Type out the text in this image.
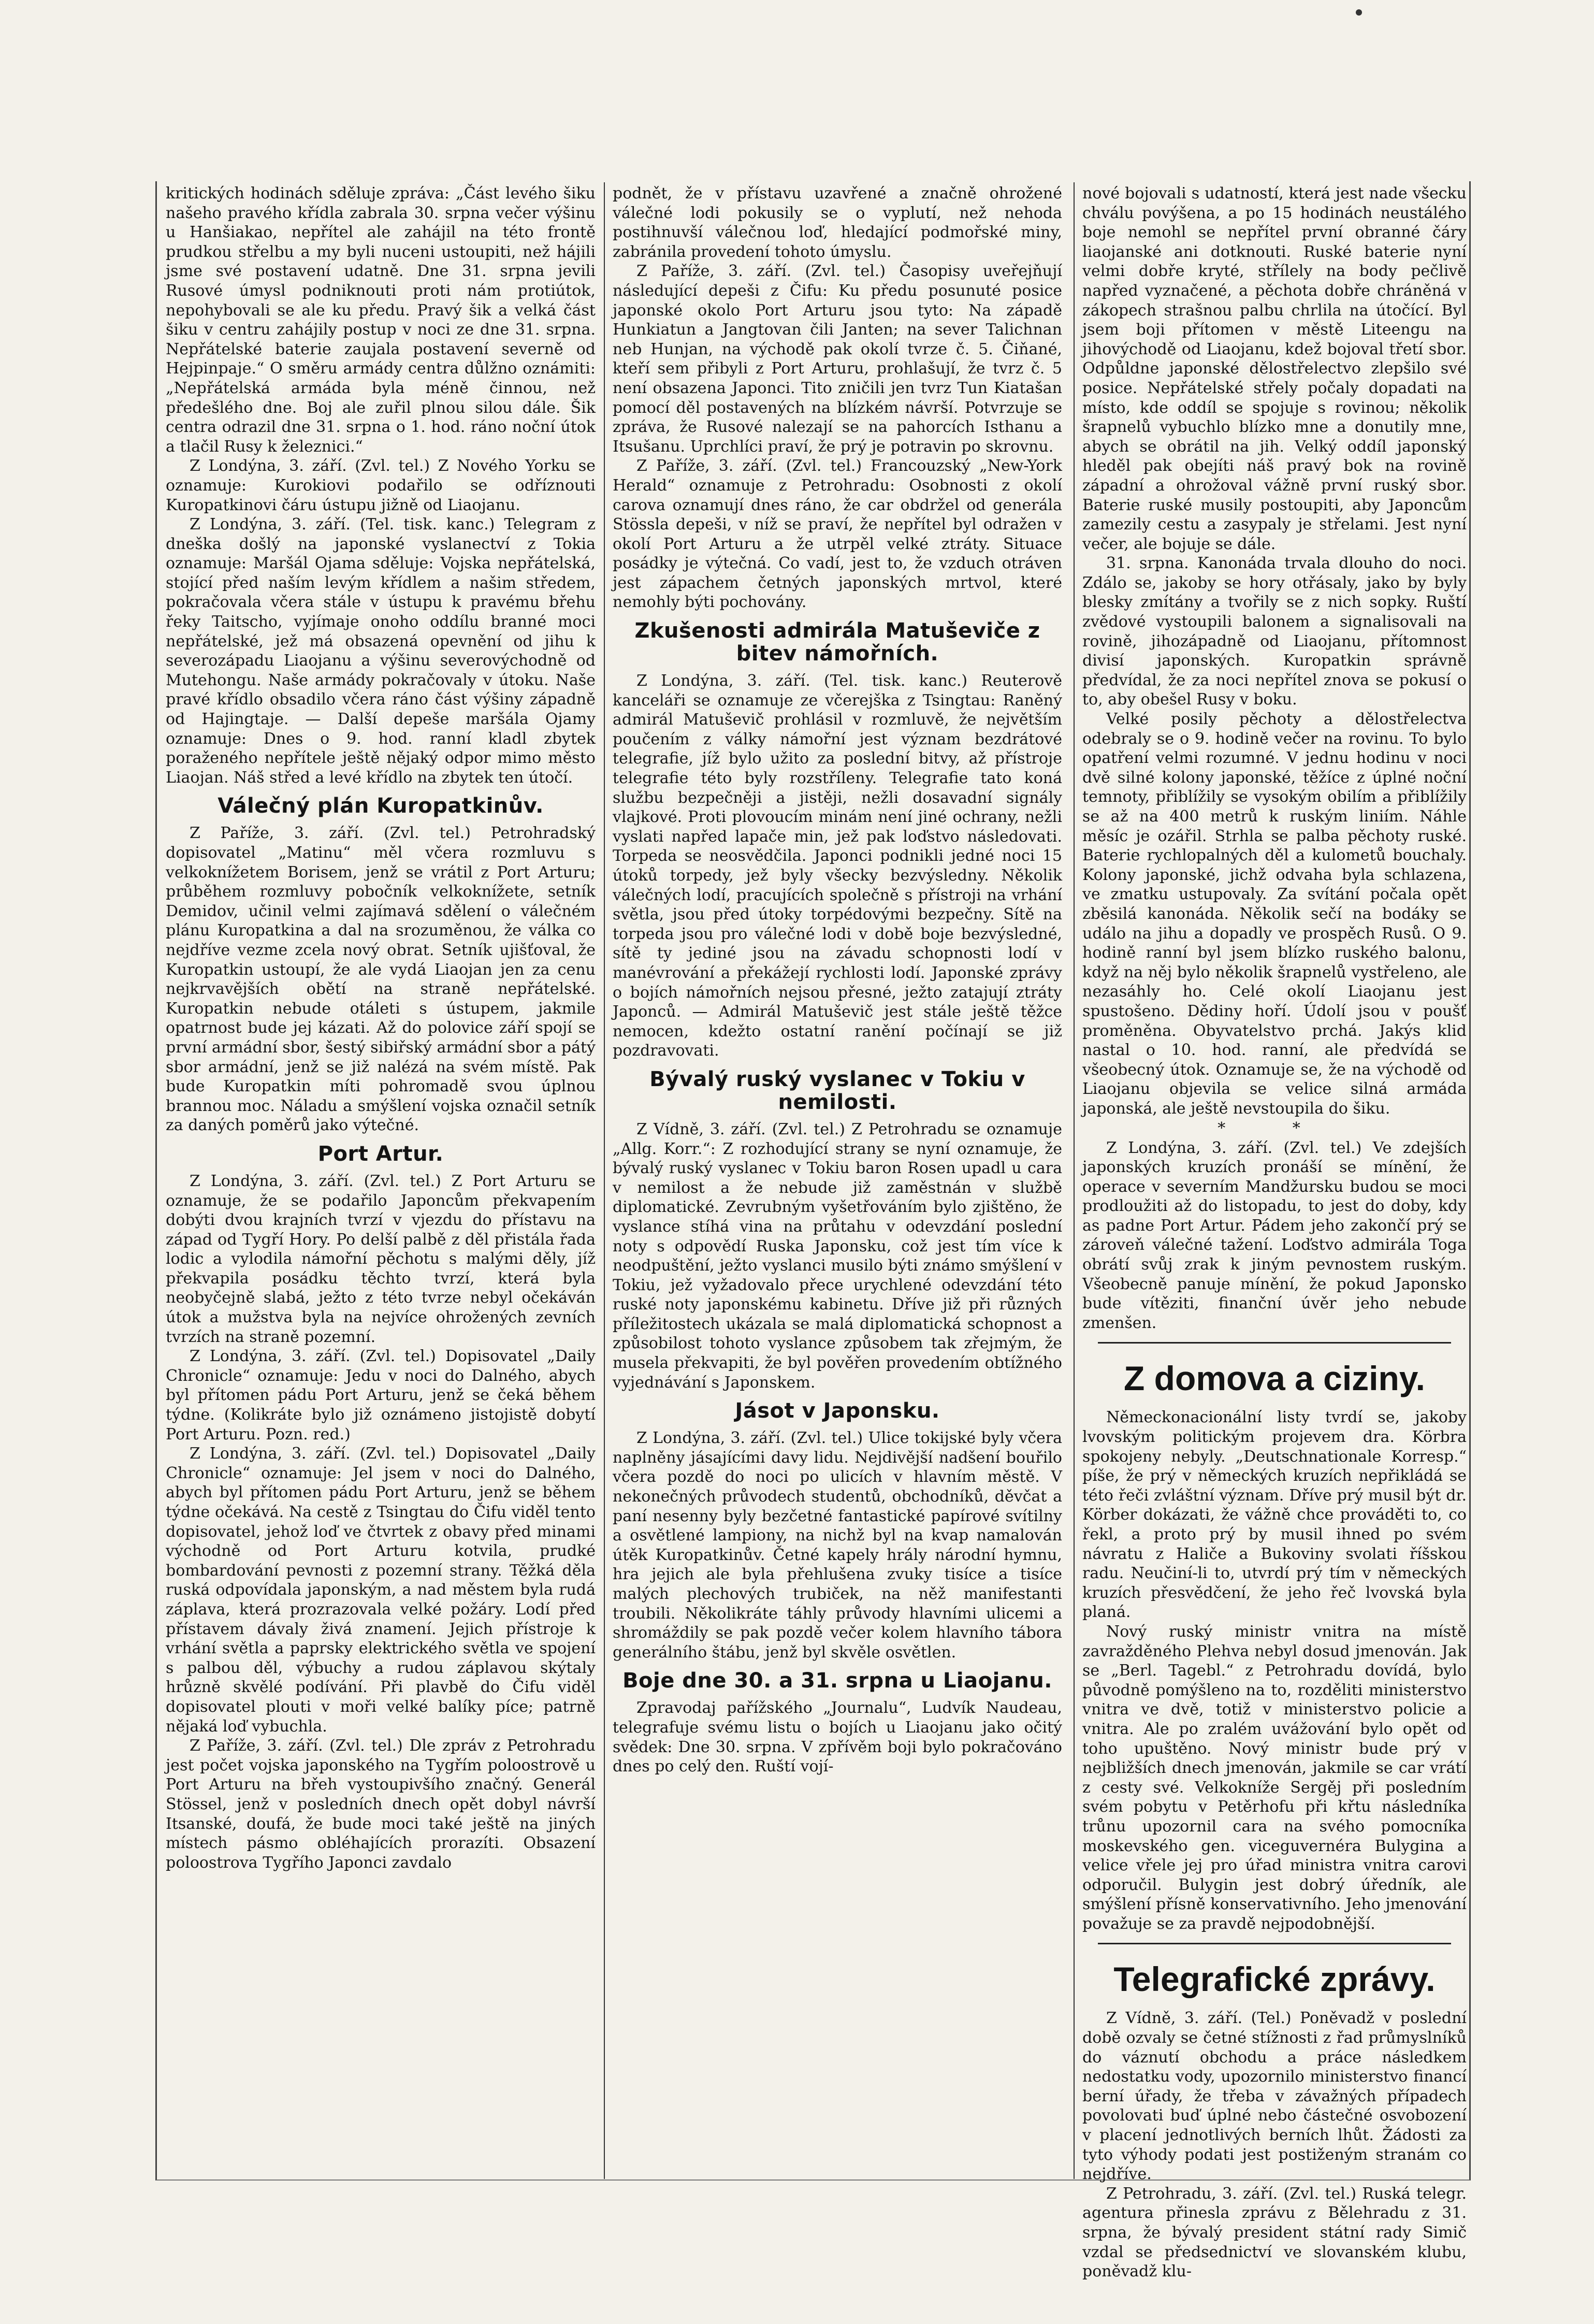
kritických hodinách sděluje zpráva: „Část levého šiku našeho pravého křídla zabrala 30. srpna večer výšinu u Hanšiakao, nepřítel ale zahájil na této frontě prudkou střelbu a my byli nuceni ustoupiti, než hájili jsme své postavení udatně. Dne 31. srpna jevili Rusové úmysl podniknouti proti nám protiútok, nepohybovali se ale ku předu. Pravý šik a velká část šiku v centru zahájily postup v noci ze dne 31. srpna. Nepřátelské baterie zaujala postavení severně od Hejpinpaje.“ O směru armády centra důlžno oznámiti: „Nepřátelská armáda byla méně činnou, než předešlého dne. Boj ale zuřil plnou silou dále. Šik centra odrazil dne 31. srpna o 1. hod. ráno noční útok a tlačil Rusy k železnici.“

Z Londýna, 3. září. (Zvl. tel.) Z Nového Yorku se oznamuje: Kurokiovi podařilo se odříznouti Kuropatkinovi čáru ústupu jižně od Liaojanu.

Z Londýna, 3. září. (Tel. tisk. kanc.) Telegram z dneška došlý na japonské vyslanectví z Tokia oznamuje: Maršál Ojama sděluje: Vojska nepřátelská, stojící před naším levým křídlem a našim středem, pokračovala včera stále v ústupu k pravému břehu řeky Taitscho, vyjímaje onoho oddílu branné moci nepřátelské, jež má obsazená opevnění od jihu k severozápadu Liaojanu a výšinu severovýchodně od Mutehongu. Naše armády pokračovaly v útoku. Naše pravé křídlo obsadilo včera ráno část výšiny západně od Hajingtaje. — Další depeše maršála Ojamy oznamuje: Dnes o 9. hod. ranní kladl zbytek poraženého nepřítele ještě nějaký odpor mimo město Liaojan. Náš střed a levé křídlo na zbytek ten útočí.

Válečný plán Kuropatkinův.

Z Paříže, 3. září. (Zvl. tel.) Petrohradský dopisovatel „Matinu“ měl včera rozmluvu s velkoknížetem Borisem, jenž se vrátil z Port Arturu; průběhem rozmluvy pobočník velkoknížete, setník Demidov, učinil velmi zajímavá sdělení o válečném plánu Kuropatkina a dal na srozuměnou, že válka co nejdříve vezme zcela nový obrat. Setník ujišťoval, že Kuropatkin ustoupí, že ale vydá Liaojan jen za cenu nejkrvavějších obětí na straně nepřátelské. Kuropatkin nebude otáleti s ústupem, jakmile opatrnost bude jej kázati. Až do polovice září spojí se první armádní sbor, šestý sibiřský armádní sbor a pátý sbor armádní, jenž se již nalézá na svém místě. Pak bude Kuropatkin míti pohromadě svou úplnou brannou moc. Náladu a smýšlení vojska označil setník za daných poměrů jako výtečné.

Port Artur.

Z Londýna, 3. září. (Zvl. tel.) Z Port Arturu se oznamuje, že se podařilo Japoncům překvapením dobýti dvou krajních tvrzí v vjezdu do přístavu na západ od Tygří Hory. Po delší palbě z děl přistála řada lodic a vylodila námořní pěchotu s malými děly, jíž překvapila posádku těchto tvrzí, která byla neobyčejně slabá, ježto z této tvrze nebyl očekáván útok a mužstva byla na nejvíce ohrožených zevních tvrzích na straně pozemní.

Z Londýna, 3. září. (Zvl. tel.) Dopisovatel „Daily Chronicle“ oznamuje: Jedu v noci do Dalného, abych byl přítomen pádu Port Arturu, jenž se čeká během týdne. (Kolikráte bylo již oznámeno jistojistě dobytí Port Arturu. Pozn. red.)

Z Londýna, 3. září. (Zvl. tel.) Dopisovatel „Daily Chronicle“ oznamuje: Jel jsem v noci do Dalného, abych byl přítomen pádu Port Arturu, jenž se během týdne očekává. Na cestě z Tsingtau do Čifu viděl tento dopisovatel, jehož loď ve čtvrtek z obavy před minami východně od Port Arturu kotvila, prudké bombardování pevnosti z pozemní strany. Těžká děla ruská odpovídala japonským, a nad městem byla rudá záplava, která prozrazovala velké požáry. Lodí před přístavem dávaly živá znamení. Jejich přístroje k vrhání světla a paprsky elektrického světla ve spojení s palbou děl, výbuchy a rudou záplavou skýtaly hrůzně skvělé podívání. Při plavbě do Čifu viděl dopisovatel plouti v moři velké balíky píce; patrně nějaká loď vybuchla.

Z Paříže, 3. září. (Zvl. tel.) Dle zpráv z Petrohradu jest počet vojska japonského na Tygřím poloostrově u Port Arturu na břeh vystoupivšího značný. Generál Stössel, jenž v posledních dnech opět dobyl návrší Itsanské, doufá, že bude moci také ještě na jiných místech pásmo obléhajících prorazíti. Obsazení poloostrova Tygřího Japonci zavdalo

podnět, že v přístavu uzavřené a značně ohrožené válečné lodi pokusily se o vyplutí, než nehoda postihnuvší válečnou loď, hledající podmořské miny, zabránila provedení tohoto úmyslu.

Z Paříže, 3. září. (Zvl. tel.) Časopisy uveřejňují následující depeši z Čifu: Ku předu posunuté posice japonské okolo Port Arturu jsou tyto: Na západě Hunkiatun a Jangtovan čili Janten; na sever Talichnan neb Hunjan, na východě pak okolí tvrze č. 5. Čiňané, kteří sem přibyli z Port Arturu, prohlašují, že tvrz č. 5 není obsazena Japonci. Tito zničili jen tvrz Tun Kiatašan pomocí děl postavených na blízkém návrší. Potvrzuje se zpráva, že Rusové nalezají se na pahorcích Isthanu a Itsušanu. Uprchlíci praví, že prý je potravin po skrovnu.

Z Paříže, 3. září. (Zvl. tel.) Francouzský „New-York Herald“ oznamuje z Petrohradu: Osobnosti z okolí carova oznamují dnes ráno, že car obdržel od generála Stössla depeši, v níž se praví, že nepřítel byl odražen v okolí Port Arturu a že utrpěl velké ztráty. Situace posádky je výtečná. Co vadí, jest to, že vzduch otráven jest zápachem četných japonských mrtvol, které nemohly býti pochovány.

Zkušenosti admirála Matuševiče z bitev námořních.

Z Londýna, 3. září. (Tel. tisk. kanc.) Reuterově kanceláři se oznamuje ze včerejška z Tsingtau: Raněný admirál Matuševič prohlásil v rozmluvě, že největším poučením z války námořní jest význam bezdrátové telegrafie, jíž bylo užito za poslední bitvy, až přístroje telegrafie této byly rozstříleny. Telegrafie tato koná službu bezpečněji a jistěji, nežli dosavadní signály vlajkové. Proti plovoucím minám není jiné ochrany, nežli vyslati napřed lapače min, jež pak loďstvo následovati. Torpeda se neosvědčila. Japonci podnikli jedné noci 15 útoků torpedy, jež byly všecky bezvýsledny. Několik válečných lodí, pracujících společně s přístroji na vrhání světla, jsou před útoky torpédovými bezpečny. Sítě na torpeda jsou pro válečné lodi v době boje bezvýsledné, sítě ty jediné jsou na závadu schopnosti lodí v manévrování a překážejí rychlosti lodí. Japonské zprávy o bojích námořních nejsou přesné, ježto zatajují ztráty Japonců. — Admirál Matuševič jest stále ještě těžce nemocen, kdežto ostatní ranění počínají se již pozdravovati.

Bývalý ruský vyslanec v Tokiu v nemilosti.

Z Vídně, 3. září. (Zvl. tel.) Z Petrohradu se oznamuje „Allg. Korr.“: Z rozhodující strany se nyní oznamuje, že bývalý ruský vyslanec v Tokiu baron Rosen upadl u cara v nemilost a že nebude již zaměstnán v službě diplomatické. Zevrubným vyšetřováním bylo zjištěno, že vyslance stíhá vina na průtahu v odevzdání poslední noty s odpovědí Ruska Japonsku, což jest tím více k neodpuštění, ježto vyslanci musilo býti známo smýšlení v Tokiu, jež vyžadovalo přece urychlené odevzdání této ruské noty japonskému kabinetu. Dříve již při různých příležitostech ukázala se malá diplomatická schopnost a způsobilost tohoto vyslance způsobem tak zřejmým, že musela překvapiti, že byl pověřen provedením obtížného vyjednávání s Japonskem.

Jásot v Japonsku.

Z Londýna, 3. září. (Zvl. tel.) Ulice tokijské byly včera naplněny jásajícími davy lidu. Nejdivější nadšení bouřilo včera pozdě do noci po ulicích v hlavním městě. V nekonečných průvodech studentů, obchodníků, děvčat a paní nesenny byly bezčetné fantastické papírové svítilny a osvětlené lampiony, na nichž byl na kvap namalován útěk Kuropatkinův. Četné kapely hrály národní hymnu, hra jejich ale byla přehlušena zvuky tisíce a tisíce malých plechových trubiček, na něž manifestanti troubili. Několikráte táhly průvody hlavními ulicemi a shromáždily se pak pozdě večer kolem hlavního tábora generálního štábu, jenž byl skvěle osvětlen.

Boje dne 30. a 31. srpna u Liaojanu.

Zpravodaj pařížského „Journalu“, Ludvík Naudeau, telegrafuje svému listu o bojích u Liaojanu jako očitý svědek: Dne 30. srpna. V zpřívěm boji bylo pokračováno dnes po celý den. Ruští vojí-

nové bojovali s udatností, která jest nade všecku chválu povýšena, a po 15 hodinách neustálého boje nemohl se nepřítel první obranné čáry liaojanské ani dotknouti. Ruské baterie nyní velmi dobře kryté, střílely na body pečlivě napřed vyznačené, a pěchota dobře chráněná v zákopech strašnou palbu chrlila na útočící. Byl jsem boji přítomen v městě Liteengu na jihovýchodě od Liaojanu, kdež bojoval třetí sbor. Odpůldne japonské dělostřelectvo zlepšilo své posice. Nepřátelské střely počaly dopadati na místo, kde oddíl se spojuje s rovinou; několik šrapnelů vybuchlo blízko mne a donutily mne, abych se obrátil na jih. Velký oddíl japonský hleděl pak obejíti náš pravý bok na rovině západní a ohrožoval vážně první ruský sbor. Baterie ruské musily postoupiti, aby Japoncům zamezily cestu a zasypaly je střelami. Jest nyní večer, ale bojuje se dále.

31. srpna. Kanonáda trvala dlouho do noci. Zdálo se, jakoby se hory otřásaly, jako by byly blesky zmítány a tvořily se z nich sopky. Ruští zvědové vystoupili balonem a signalisovali na rovině, jihozápadně od Liaojanu, přítomnost divisí japonských. Kuropatkin správně předvídal, že za noci nepřítel znova se pokusí o to, aby obešel Rusy v boku.

Velké posily pěchoty a dělostřelectva odebraly se o 9. hodině večer na rovinu. To bylo opatření velmi rozumné. V jednu hodinu v noci dvě silné kolony japonské, těžíce z úplné noční temnoty, přiblížily se vysokým obilím a přiblížily se až na 400 metrů k ruským liniím. Náhle měsíc je ozářil. Strhla se palba pěchoty ruské. Baterie rychlopalných děl a kulometů bouchaly. Kolony japonské, jichž odvaha byla schlazena, ve zmatku ustupovaly. Za svítání počala opět zběsilá kanonáda. Několik sečí na bodáky se událo na jihu a dopadly ve prospěch Rusů. O 9. hodině ranní byl jsem blízko ruského balonu, když na něj bylo několik šrapnelů vystřeleno, ale nezasáhly ho. Celé okolí Liaojanu jest spustošeno. Dědiny hoří. Údolí jsou v poušť proměněna. Obyvatelstvo prchá. Jakýs klid nastal o 10. hod. ranní, ale předvídá se všeobecný útok. Oznamuje se, že na východě od Liaojanu objevila se velice silná armáda japonská, ale ještě nevstoupila do šiku.

* *

Z Londýna, 3. září. (Zvl. tel.) Ve zdejších japonských kruzích pronáší se mínění, že operace v severním Mandžursku budou se moci prodloužiti až do listopadu, to jest do doby, kdy as padne Port Artur. Pádem jeho zakončí prý se zároveň válečné tažení. Loďstvo admirála Toga obrátí svůj zrak k jiným pevnostem ruským. Všeobecně panuje mínění, že pokud Japonsko bude vítěziti, finanční úvěr jeho nebude zmenšen.

Z domova a ciziny.

Německonacionální listy tvrdí se, jakoby lvovským politickým projevem dra. Körbra spokojeny nebyly. „Deutschnationale Korresp.“ píše, že prý v německých kruzích nepřikládá se této řeči zvláštní význam. Dříve prý musil být dr. Körber dokázati, že vážně chce prováděti to, co řekl, a proto prý by musil ihned po svém návratu z Haliče a Bukoviny svolati říšskou radu. Neučiní-li to, utvrdí prý tím v německých kruzích přesvědčení, že jeho řeč lvovská byla planá.

Nový ruský ministr vnitra na místě zavražděného Plehva nebyl dosud jmenován. Jak se „Berl. Tagebl.“ z Petrohradu dovídá, bylo původně pomýšleno na to, rozděliti ministerstvo vnitra ve dvě, totiž v ministerstvo policie a vnitra. Ale po zralém uvážování bylo opět od toho upuštěno. Nový ministr bude prý v nejbližších dnech jmenován, jakmile se car vrátí z cesty své. Velkokníže Sergěj při posledním svém pobytu v Petěrhofu při křtu následníka trůnu upozornil cara na svého pomocníka moskevského gen. viceguvernéra Bulygina a velice vřele jej pro úřad ministra vnitra carovi odporučil. Bulygin jest dobrý úředník, ale smýšlení přísně konservativního. Jeho jmenování považuje se za pravdě nejpodobnější.

Telegrafické zprávy.

Z Vídně, 3. září. (Tel.) Poněvadž v poslední době ozvaly se četné stížnosti z řad průmyslníků do váznutí obchodu a práce následkem nedostatku vody, upozornilo ministerstvo financí berní úřady, že třeba v závažných případech povolovati buď úplné nebo částečné osvobození v placení jednotlivých berních lhůt. Žádosti za tyto výhody podati jest postiženým stranám co nejdříve.

Z Petrohradu, 3. září. (Zvl. tel.) Ruská telegr. agentura přinesla zprávu z Bělehradu z 31. srpna, že bývalý president státní rady Simič vzdal se předsednictví ve slovanském klubu, poněvadž klu-
